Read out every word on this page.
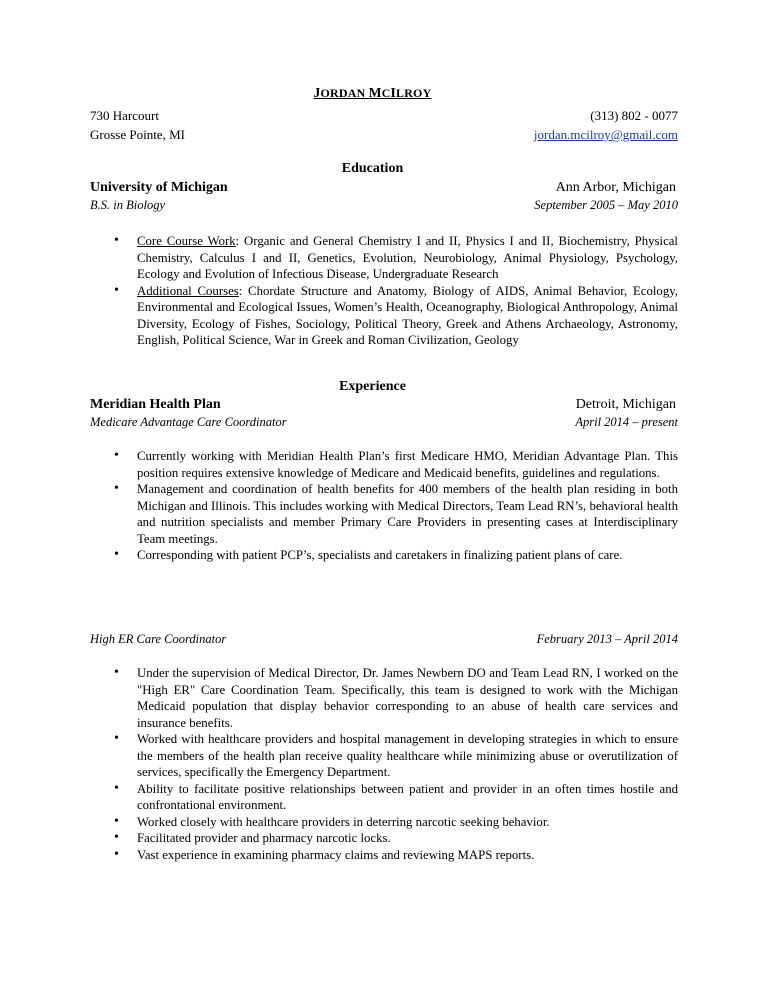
JORDAN MCILROY
730 Harcourt	(313) 802 - 0077
Grosse Pointe, MI	jordan.mcilroy@gmail.com
Education
University of Michigan	Ann Arbor, Michigan
B.S. in Biology	September 2005 – May 2010
• Core Course Work: Organic and General Chemistry I and II, Physics I and II, Biochemistry, Physical Chemistry, Calculus I and II, Genetics, Evolution, Neurobiology, Animal Physiology, Psychology, Ecology and Evolution of Infectious Disease, Undergraduate Research
• Additional Courses: Chordate Structure and Anatomy, Biology of AIDS, Animal Behavior, Ecology, Environmental and Ecological Issues, Women’s Health, Oceanography, Biological Anthropology, Animal Diversity, Ecology of Fishes, Sociology, Political Theory, Greek and Athens Archaeology, Astronomy, English, Political Science, War in Greek and Roman Civilization, Geology
Experience
Meridian Health Plan	Detroit, Michigan
Medicare Advantage Care Coordinator	April 2014 – present
• Currently working with Meridian Health Plan’s first Medicare HMO, Meridian Advantage Plan. This position requires extensive knowledge of Medicare and Medicaid benefits, guidelines and regulations.
• Management and coordination of health benefits for 400 members of the health plan residing in both Michigan and Illinois. This includes working with Medical Directors, Team Lead RN’s, behavioral health and nutrition specialists and member Primary Care Providers in presenting cases at Interdisciplinary Team meetings.
• Corresponding with patient PCP’s, specialists and caretakers in finalizing patient plans of care.
High ER Care Coordinator	February 2013 – April 2014
• Under the supervision of Medical Director, Dr. James Newbern DO and Team Lead RN, I worked on the "High ER" Care Coordination Team. Specifically, this team is designed to work with the Michigan Medicaid population that display behavior corresponding to an abuse of health care services and insurance benefits.
• Worked with healthcare providers and hospital management in developing strategies in which to ensure the members of the health plan receive quality healthcare while minimizing abuse or overutilization of services, specifically the Emergency Department.
• Ability to facilitate positive relationships between patient and provider in an often times hostile and confrontational environment.
• Worked closely with healthcare providers in deterring narcotic seeking behavior.
• Facilitated provider and pharmacy narcotic locks.
• Vast experience in examining pharmacy claims and reviewing MAPS reports.
